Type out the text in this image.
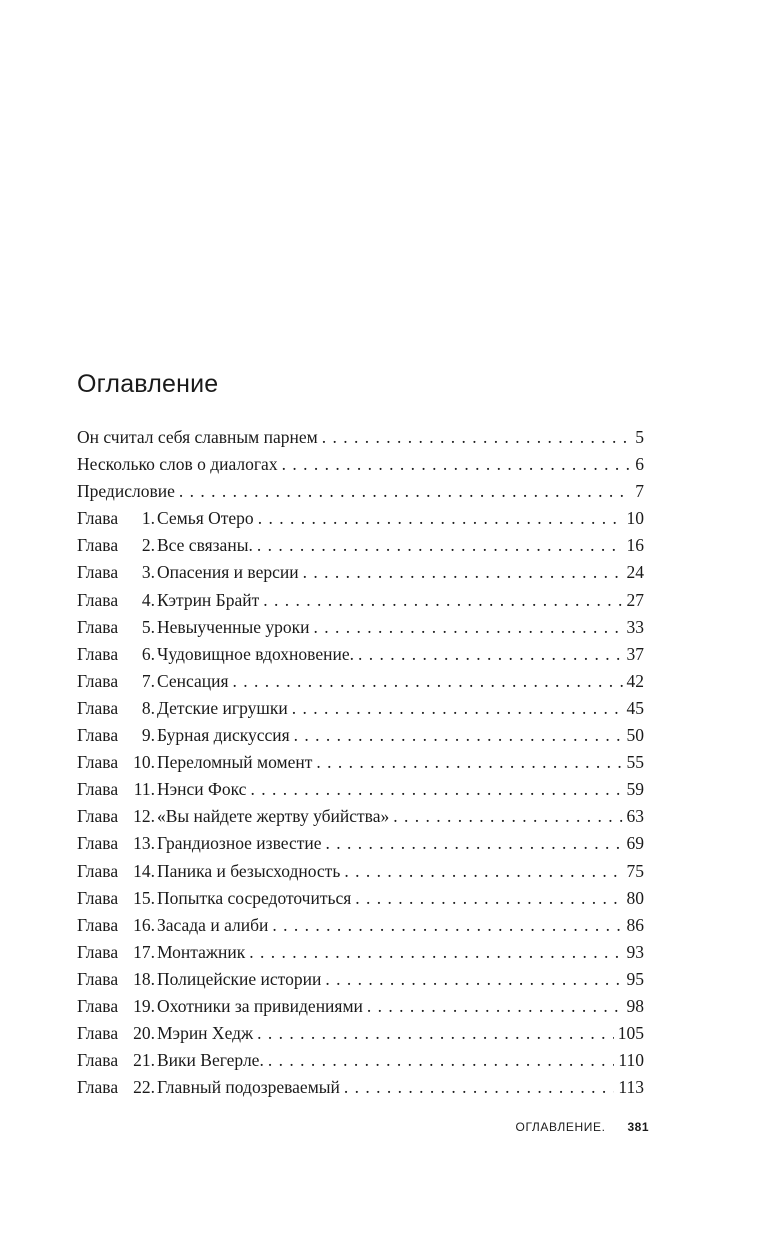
Оглавление
Он считал себя славным парнем . . .	5
Несколько слов о диалогах . . .	6
Предисловие . . .	7
Глава 1. Семья Отеро . . .	10
Глава 2. Все связаны. . . .	16
Глава 3. Опасения и версии . . .	24
Глава 4. Кэтрин Брайт . . .	27
Глава 5. Невыученные уроки . . .	33
Глава 6. Чудовищное вдохновение. . . .	37
Глава 7. Сенсация . . .	42
Глава 8. Детские игрушки . . .	45
Глава 9. Бурная дискуссия . . .	50
Глава 10. Переломный момент . . .	55
Глава 11. Нэнси Фокс . . .	59
Глава 12. «Вы найдете жертву убийства» . . .	63
Глава 13. Грандиозное известие . . .	69
Глава 14. Паника и безысходность . . .	75
Глава 15. Попытка сосредоточиться . . .	80
Глава 16. Засада и алиби . . .	86
Глава 17. Монтажник . . .	93
Глава 18. Полицейские истории . . .	95
Глава 19. Охотники за привидениями . . .	98
Глава 20. Мэрин Хедж . . .	105
Глава 21. Вики Вегерле. . . .	110
Глава 22. Главный подозреваемый . . .	113
ОГЛАВЛЕНИЕ. 381
